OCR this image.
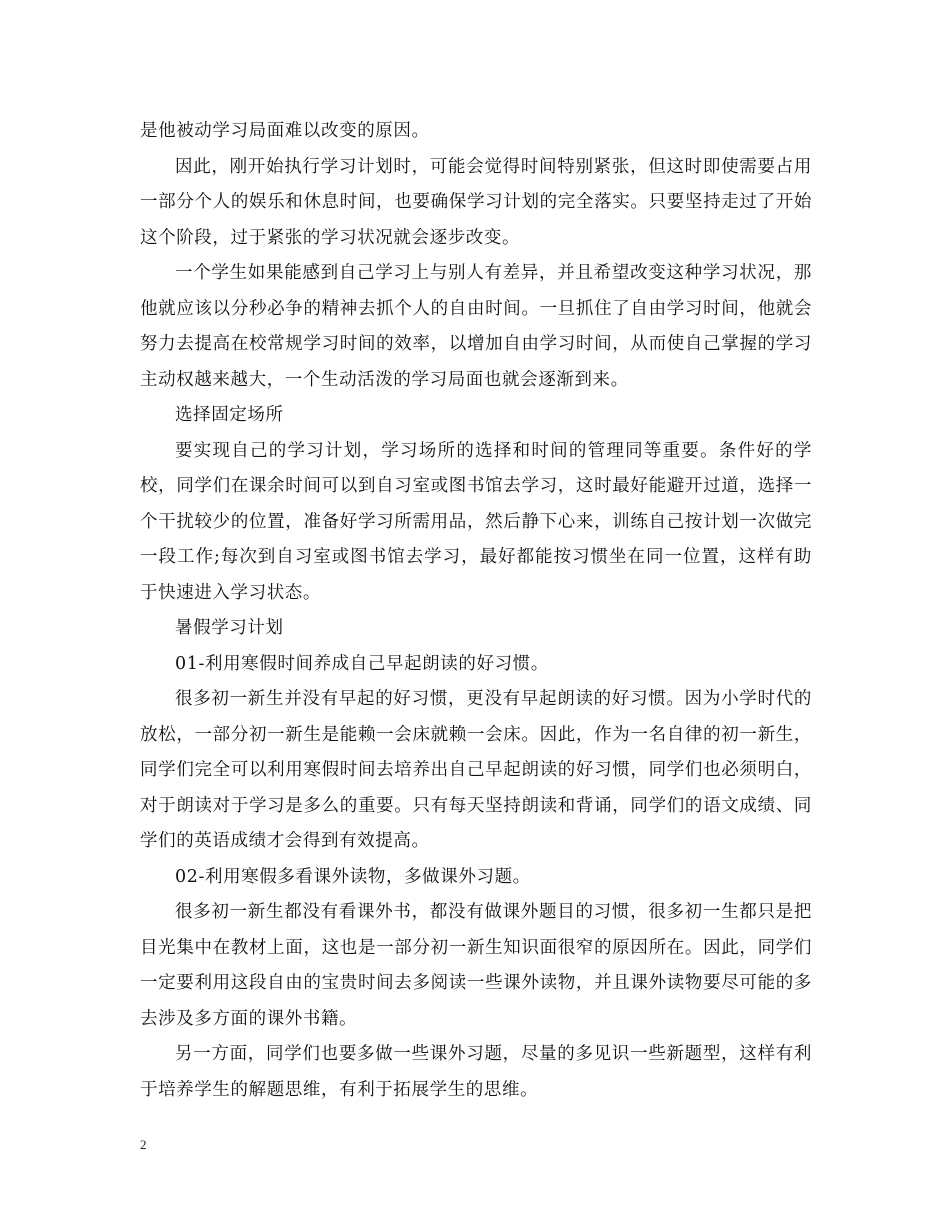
是他被动学习局面难以改变的原因。

因此，刚开始执行学习计划时，可能会觉得时间特别紧张，但这时即使需要占用一部分个人的娱乐和休息时间，也要确保学习计划的完全落实。只要坚持走过了开始这个阶段，过于紧张的学习状况就会逐步改变。

一个学生如果能感到自己学习上与别人有差异，并且希望改变这种学习状况，那他就应该以分秒必争的精神去抓个人的自由时间。一旦抓住了自由学习时间，他就会努力去提高在校常规学习时间的效率，以增加自由学习时间，从而使自己掌握的学习主动权越来越大，一个生动活泼的学习局面也就会逐渐到来。

选择固定场所

要实现自己的学习计划，学习场所的选择和时间的管理同等重要。条件好的学校，同学们在课余时间可以到自习室或图书馆去学习，这时最好能避开过道，选择一个干扰较少的位置，准备好学习所需用品，然后静下心来，训练自己按计划一次做完一段工作;每次到自习室或图书馆去学习，最好都能按习惯坐在同一位置，这样有助于快速进入学习状态。

暑假学习计划

01-利用寒假时间养成自己早起朗读的好习惯。

很多初一新生并没有早起的好习惯，更没有早起朗读的好习惯。因为小学时代的放松，一部分初一新生是能赖一会床就赖一会床。因此，作为一名自律的初一新生，同学们完全可以利用寒假时间去培养出自己早起朗读的好习惯，同学们也必须明白，对于朗读对于学习是多么的重要。只有每天坚持朗读和背诵，同学们的语文成绩、同学们的英语成绩才会得到有效提高。

02-利用寒假多看课外读物，多做课外习题。

很多初一新生都没有看课外书，都没有做课外题目的习惯，很多初一生都只是把目光集中在教材上面，这也是一部分初一新生知识面很窄的原因所在。因此，同学们一定要利用这段自由的宝贵时间去多阅读一些课外读物，并且课外读物要尽可能的多去涉及多方面的课外书籍。

另一方面，同学们也要多做一些课外习题，尽量的多见识一些新题型，这样有利于培养学生的解题思维，有利于拓展学生的思维。

2
